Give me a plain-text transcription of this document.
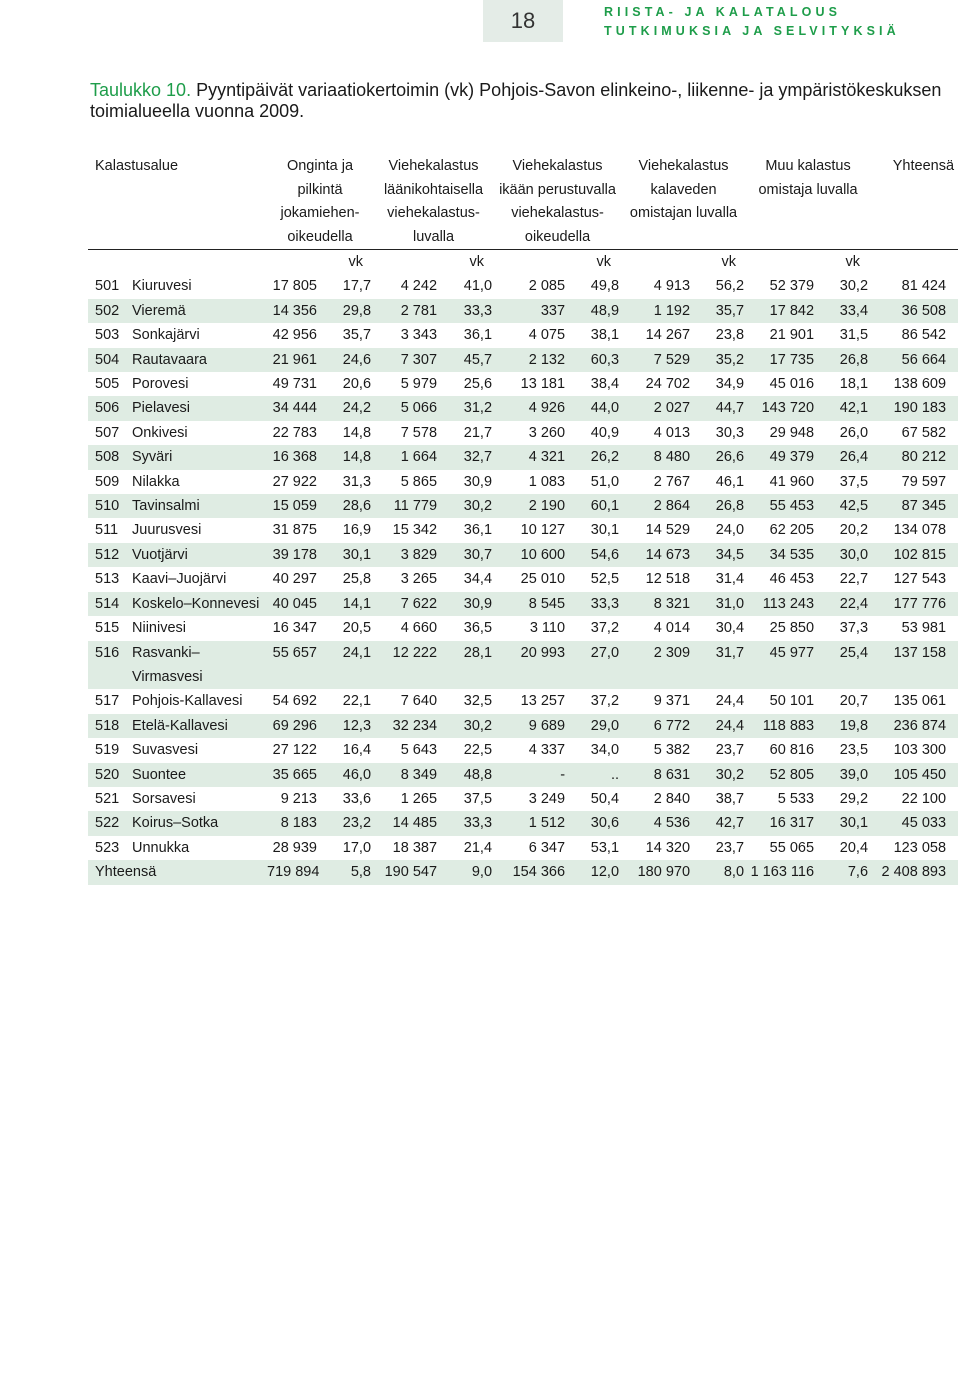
18	RIISTA- JA KALATALOUS
TUTKIMUKSIA JA SELVITYKSIÄ
Taulukko 10. Pyyntipäivät variaatiokertoimin (vk) Pohjois-Savon elinkeino-, liikenne- ja ympäristökeskuksen toimialueella vuonna 2009.
Kalastusalue		Onginta ja pilkintä jokamiehen-oikeudella		Viehekalastus läänikohtaisella viehekalastus-luvalla		Viehekalastus ikään perustuvalla viehekalastus-oikeudella		Viehekalastus kalaveden omistajan luvalla		Muu kalastus omistaja luvalla		Yhteensä
			vk		vk		vk		vk		vk	
501	Kiuruvesi	17 805	17,7	4 242	41,0	2 085	49,8	4 913	56,2	52 379	30,2	81 424
502	Vieremä	14 356	29,8	2 781	33,3	337	48,9	1 192	35,7	17 842	33,4	36 508
503	Sonkajärvi	42 956	35,7	3 343	36,1	4 075	38,1	14 267	23,8	21 901	31,5	86 542
504	Rautavaara	21 961	24,6	7 307	45,7	2 132	60,3	7 529	35,2	17 735	26,8	56 664
505	Porovesi	49 731	20,6	5 979	25,6	13 181	38,4	24 702	34,9	45 016	18,1	138 609
506	Pielavesi	34 444	24,2	5 066	31,2	4 926	44,0	2 027	44,7	143 720	42,1	190 183
507	Onkivesi	22 783	14,8	7 578	21,7	3 260	40,9	4 013	30,3	29 948	26,0	67 582
508	Syväri	16 368	14,8	1 664	32,7	4 321	26,2	8 480	26,6	49 379	26,4	80 212
509	Nilakka	27 922	31,3	5 865	30,9	1 083	51,0	2 767	46,1	41 960	37,5	79 597
510	Tavinsalmi	15 059	28,6	11 779	30,2	2 190	60,1	2 864	26,8	55 453	42,5	87 345
511	Juurusvesi	31 875	16,9	15 342	36,1	10 127	30,1	14 529	24,0	62 205	20,2	134 078
512	Vuotjärvi	39 178	30,1	3 829	30,7	10 600	54,6	14 673	34,5	34 535	30,0	102 815
513	Kaavi–Juojärvi	40 297	25,8	3 265	34,4	25 010	52,5	12 518	31,4	46 453	22,7	127 543
514	Koskelo–Konnevesi	40 045	14,1	7 622	30,9	8 545	33,3	8 321	31,0	113 243	22,4	177 776
515	Niinivesi	16 347	20,5	4 660	36,5	3 110	37,2	4 014	30,4	25 850	37,3	53 981
516	Rasvanki–Virmasvesi	55 657	24,1	12 222	28,1	20 993	27,0	2 309	31,7	45 977	25,4	137 158
517	Pohjois-Kallavesi	54 692	22,1	7 640	32,5	13 257	37,2	9 371	24,4	50 101	20,7	135 061
518	Etelä-Kallavesi	69 296	12,3	32 234	30,2	9 689	29,0	6 772	24,4	118 883	19,8	236 874
519	Suvasvesi	27 122	16,4	5 643	22,5	4 337	34,0	5 382	23,7	60 816	23,5	103 300
520	Suontee	35 665	46,0	8 349	48,8	-	..	8 631	30,2	52 805	39,0	105 450
521	Sorsavesi	9 213	33,6	1 265	37,5	3 249	50,4	2 840	38,7	5 533	29,2	22 100
522	Koirus–Sotka	8 183	23,2	14 485	33,3	1 512	30,6	4 536	42,7	16 317	30,1	45 033
523	Unnukka	28 939	17,0	18 387	21,4	6 347	53,1	14 320	23,7	55 065	20,4	123 058
Yhteensä		719 894	5,8	190 547	9,0	154 366	12,0	180 970	8,0	1 163 116	7,6	2 408 893
